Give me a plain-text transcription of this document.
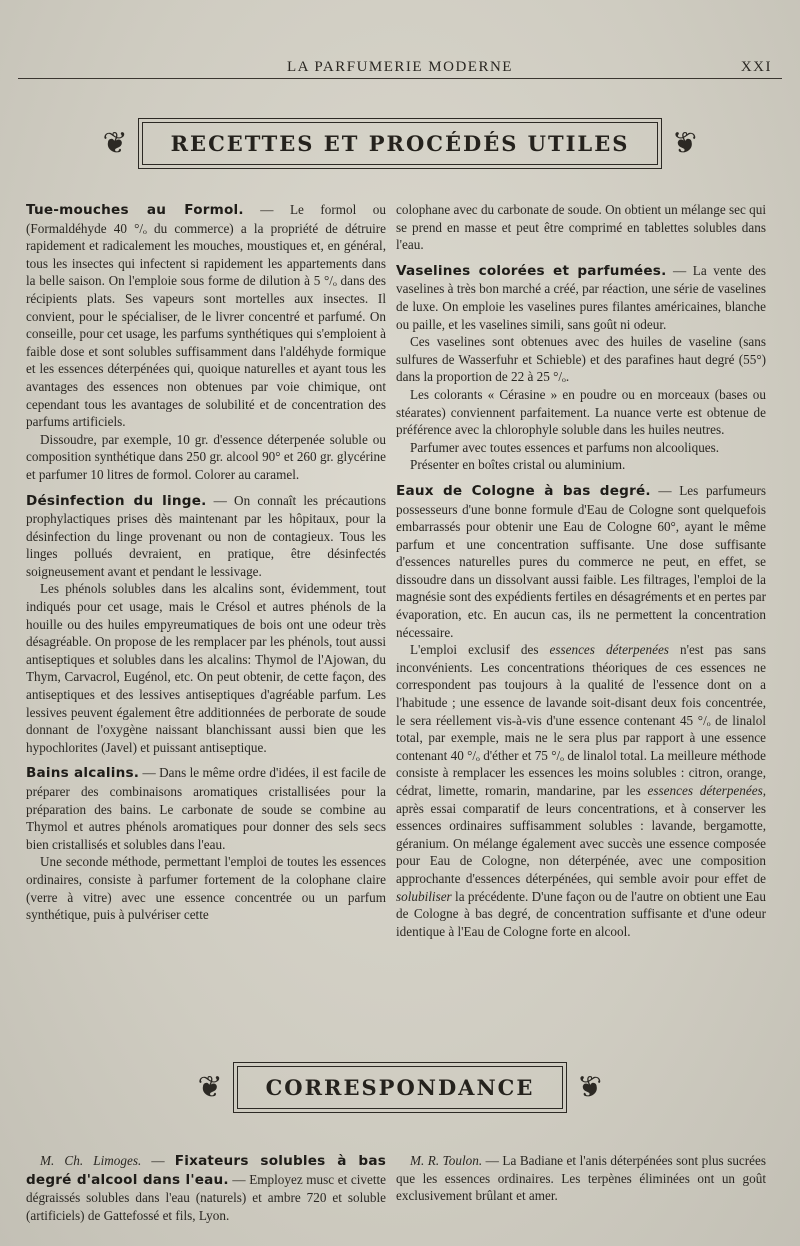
LA PARFUMERIE MODERNE	XXI
❦	RECETTES ET PROCÉDÉS UTILES	❦

Tue-mouches au Formol. — Le formol ou (Formaldéhyde 40 °/ₒ du commerce) a la propriété de détruire rapidement et radicalement les mouches, moustiques et, en général, tous les insectes qui infectent si rapidement les appartements dans la belle saison. On l'emploie sous forme de dilution à 5 °/ₒ dans des récipients plats. Ses vapeurs sont mortelles aux insectes. Il convient, pour le spécialiser, de le livrer concentré et parfumé. On conseille, pour cet usage, les parfums synthétiques qui s'emploient à faible dose et sont solubles suffisamment dans l'aldéhyde formique et les essences déterpénées qui, quoique naturelles et ayant tous les avantages des essences non obtenues par voie chimique, ont cependant tous les avantages de solubilité et de concentration des parfums artificiels.

Dissoudre, par exemple, 10 gr. d'essence déterpenée soluble ou composition synthétique dans 250 gr. alcool 90° et 260 gr. glycérine et parfumer 10 litres de formol. Colorer au caramel.

Désinfection du linge. — On connaît les précautions prophylactiques prises dès maintenant par les hôpitaux, pour la désinfection du linge provenant ou non de contagieux. Tous les linges pollués devraient, en pratique, être désinfectés soigneusement avant et pendant le lessivage.

Les phénols solubles dans les alcalins sont, évidemment, tout indiqués pour cet usage, mais le Crésol et autres phénols de la houille ou des huiles empyreumatiques de bois ont une odeur très désagréable. On propose de les remplacer par les phénols, tout aussi antiseptiques et solubles dans les alcalins: Thymol de l'Ajowan, du Thym, Carvacrol, Eugénol, etc. On peut obtenir, de cette façon, des antiseptiques et des lessives antiseptiques d'agréable parfum. Les lessives peuvent également être additionnées de perborate de soude donnant de l'oxygène naissant blanchissant aussi bien que les hypochlorites (Javel) et puissant antiseptique.

Bains alcalins. — Dans le même ordre d'idées, il est facile de préparer des combinaisons aromatiques cristallisées pour la préparation des bains. Le carbonate de soude se combine au Thymol et autres phénols aromatiques pour donner des sels secs bien cristallisés et solubles dans l'eau.

Une seconde méthode, permettant l'emploi de toutes les essences ordinaires, consiste à parfumer fortement de la colophane claire (verre à vitre) avec une essence concentrée ou un parfum synthétique, puis à pulvériser cette

colophane avec du carbonate de soude. On obtient un mélange sec qui se prend en masse et peut être comprimé en tablettes solubles dans l'eau.

Vaselines colorées et parfumées. — La vente des vaselines à très bon marché a créé, par réaction, une série de vaselines de luxe. On emploie les vaselines pures filantes américaines, blanche ou paille, et les vaselines simili, sans goût ni odeur.

Ces vaselines sont obtenues avec des huiles de vaseline (sans sulfures de Wasserfuhr et Schieble) et des parafines haut degré (55°) dans la proportion de 22 à 25 °/ₒ.

Les colorants « Cérasine » en poudre ou en morceaux (bases ou stéarates) conviennent parfaitement. La nuance verte est obtenue de préférence avec la chlorophyle soluble dans les huiles neutres.

Parfumer avec toutes essences et parfums non alcooliques.

Présenter en boîtes cristal ou aluminium.

Eaux de Cologne à bas degré. — Les parfumeurs possesseurs d'une bonne formule d'Eau de Cologne sont quelquefois embarrassés pour obtenir une Eau de Cologne 60°, ayant le même parfum et une concentration suffisante. Une dose suffisante d'essences naturelles pures du commerce ne peut, en effet, se dissoudre dans un dissolvant aussi faible. Les filtrages, l'emploi de la magnésie sont des expédients fertiles en désagréments et en pertes par évaporation, etc. En aucun cas, ils ne permettent la concentration nécessaire.

L'emploi exclusif des essences déterpenées n'est pas sans inconvénients. Les concentrations théoriques de ces essences ne correspondent pas toujours à la qualité de l'essence dont on a l'habitude ; une essence de lavande soit-disant deux fois concentrée, le sera réellement vis-à-vis d'une essence contenant 45 °/ₒ de linalol total, par exemple, mais ne le sera plus par rapport à une essence contenant 40 °/ₒ d'éther et 75 °/ₒ de linalol total. La meilleure méthode consiste à remplacer les essences les moins solubles : citron, orange, cédrat, limette, romarin, mandarine, par les essences déterpenées, après essai comparatif de leurs concentrations, et à conserver les essences ordinaires suffisamment solubles : lavande, bergamotte, géranium. On mélange également avec succès une essence composée pour Eau de Cologne, non déterpénée, avec une composition approchante d'essences déterpénées, qui semble avoir pour effet de solubiliser la précédente. D'une façon ou de l'autre on obtient une Eau de Cologne à bas degré, de concentration suffisante et d'une odeur identique à l'Eau de Cologne forte en alcool.

❦	CORRESPONDANCE	❦

M. Ch. Limoges. — Fixateurs solubles à bas degré d'alcool dans l'eau. — Employez musc et civette dégraissés solubles dans l'eau (naturels) et ambre 720 et soluble (artificiels) de Gattefossé et fils, Lyon.

M. R. Toulon. — La Badiane et l'anis déterpénées sont plus sucrées que les essences ordinaires. Les terpènes éliminées ont un goût exclusivement brûlant et amer.
